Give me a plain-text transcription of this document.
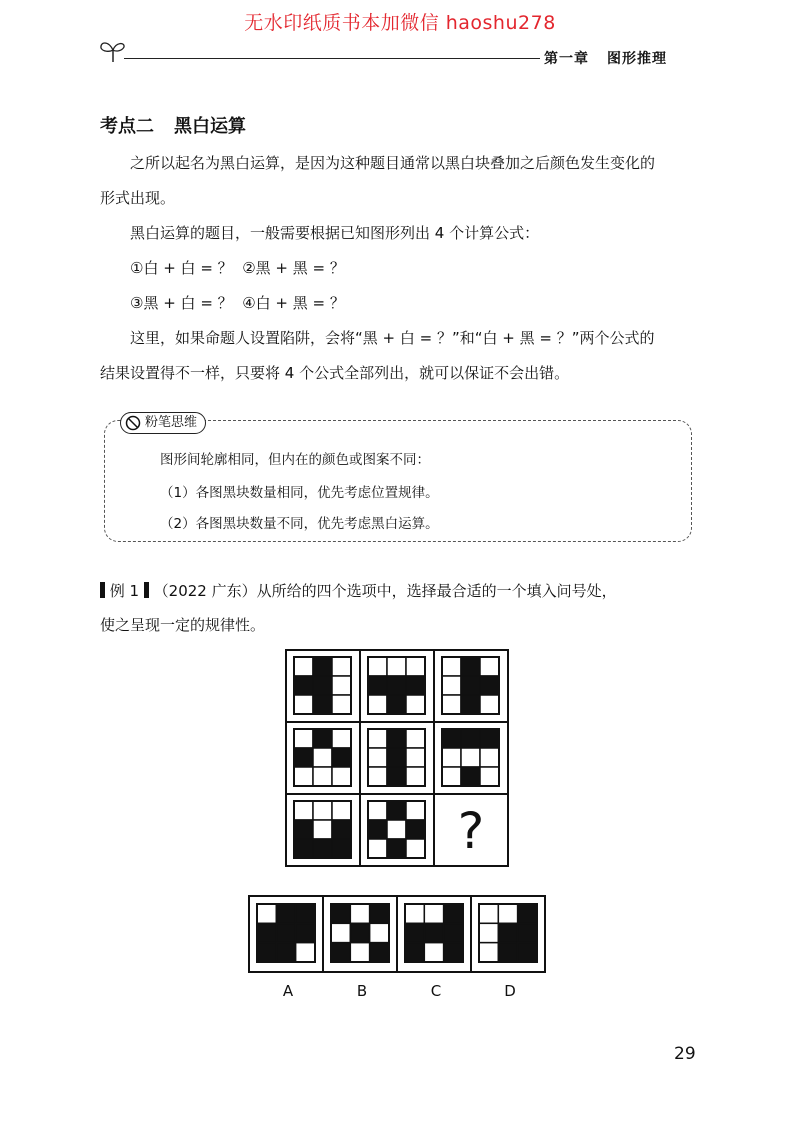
无水印纸质书本加微信 haoshu278
第一章 图形推理
考点二 黑白运算
之所以起名为黑白运算，是因为这种题目通常以黑白块叠加之后颜色发生变化的
形式出现。
黑白运算的题目，一般需要根据已知图形列出 4 个计算公式：
①白 + 白 = ？ ②黑 + 黑 = ？
③黑 + 白 = ？ ④白 + 黑 = ？
这里，如果命题人设置陷阱，会将“黑 + 白 = ？”和“白 + 黑 = ？”两个公式的
结果设置得不一样，只要将 4 个公式全部列出，就可以保证不会出错。
粉笔思维
图形间轮廓相同，但内在的颜色或图案不同：
（1）各图黑块数量相同，优先考虑位置规律。
（2）各图黑块数量不同，优先考虑黑白运算。
例 1 （2022 广东）从所给的四个选项中，选择最合适的一个填入问号处，
使之呈现一定的规律性。
?
A	B	C	D
29
